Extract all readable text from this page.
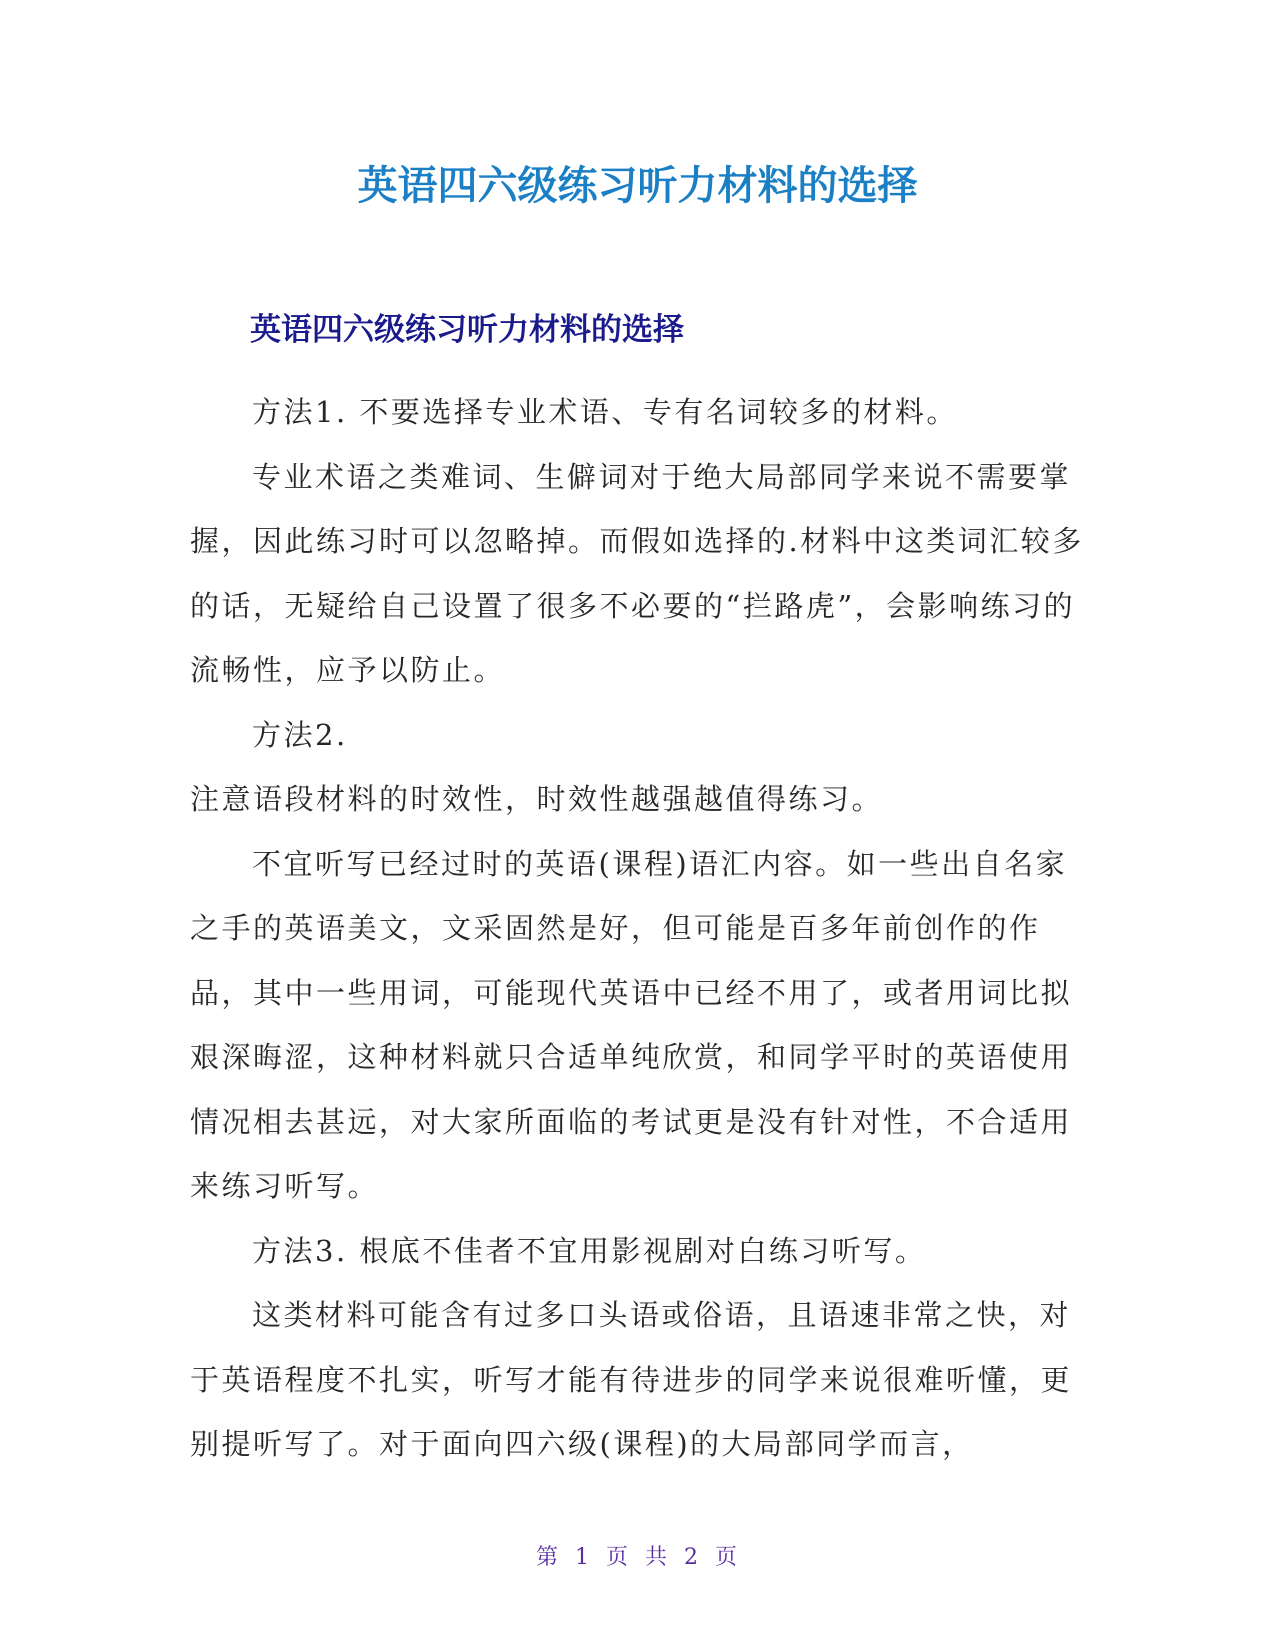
英语四六级练习听力材料的选择
英语四六级练习听力材料的选择

方法1. 不要选择专业术语、专有名词较多的材料。

专业术语之类难词、生僻词对于绝大局部同学来说不需要掌握，因此练习时可以忽略掉。而假如选择的.材料中这类词汇较多的话，无疑给自己设置了很多不必要的“拦路虎”，会影响练习的流畅性，应予以防止。

方法2.

注意语段材料的时效性，时效性越强越值得练习。

不宜听写已经过时的英语(课程)语汇内容。如一些出自名家之手的英语美文，文采固然是好，但可能是百多年前创作的作品，其中一些用词，可能现代英语中已经不用了，或者用词比拟艰深晦涩，这种材料就只合适单纯欣赏，和同学平时的英语使用情况相去甚远，对大家所面临的考试更是没有针对性，不合适用来练习听写。

方法3. 根底不佳者不宜用影视剧对白练习听写。

这类材料可能含有过多口头语或俗语，且语速非常之快，对于英语程度不扎实，听写才能有待进步的同学来说很难听懂，更别提听写了。对于面向四六级(课程)的大局部同学而言，

第 1 页 共 2 页
